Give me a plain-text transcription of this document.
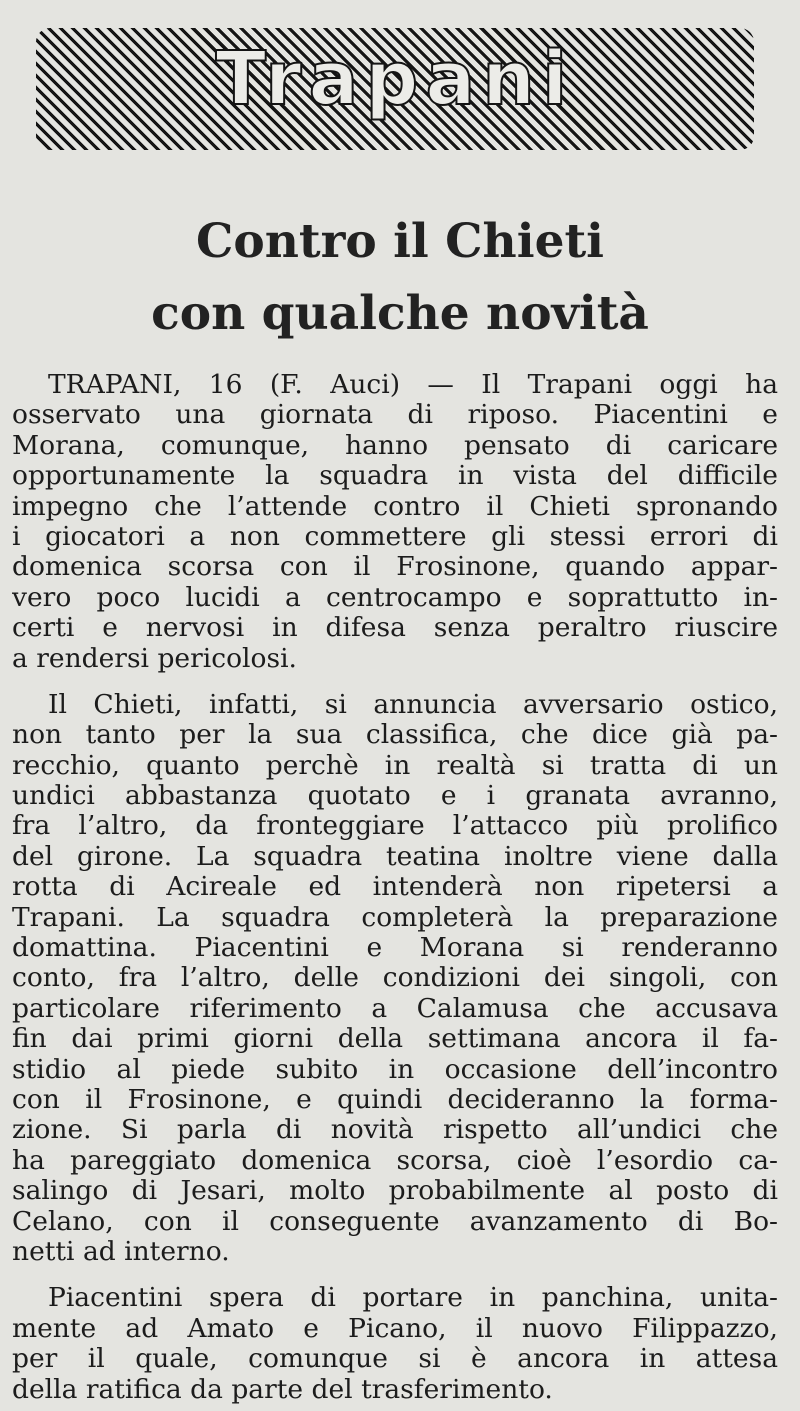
Trapani
Contro il Chieti
con qualche novità
TRAPANI, 16 (F. Auci) — Il Trapani oggi ha
osservato una giornata di riposo. Piacentini e
Morana, comunque, hanno pensato di caricare
opportunamente la squadra in vista del difficile
impegno che l’attende contro il Chieti spronando
i giocatori a non commettere gli stessi errori di
domenica scorsa con il Frosinone, quando appar-
vero poco lucidi a centrocampo e soprattutto in-
certi e nervosi in difesa senza peraltro riuscire
a rendersi pericolosi.
Il Chieti, infatti, si annuncia avversario ostico,
non tanto per la sua classifica, che dice già pa-
recchio, quanto perchè in realtà si tratta di un
undici abbastanza quotato e i granata avranno,
fra l’altro, da fronteggiare l’attacco più prolifico
del girone. La squadra teatina inoltre viene dalla
rotta di Acireale ed intenderà non ripetersi a
Trapani. La squadra completerà la preparazione
domattina. Piacentini e Morana si renderanno
conto, fra l’altro, delle condizioni dei singoli, con
particolare riferimento a Calamusa che accusava
fin dai primi giorni della settimana ancora il fa-
stidio al piede subito in occasione dell’incontro
con il Frosinone, e quindi decideranno la forma-
zione. Si parla di novità rispetto all’undici che
ha pareggiato domenica scorsa, cioè l’esordio ca-
salingo di Jesari, molto probabilmente al posto di
Celano, con il conseguente avanzamento di Bo-
netti ad interno.
Piacentini spera di portare in panchina, unita-
mente ad Amato e Picano, il nuovo Filippazzo,
per il quale, comunque si è ancora in attesa
della ratifica da parte del trasferimento.
